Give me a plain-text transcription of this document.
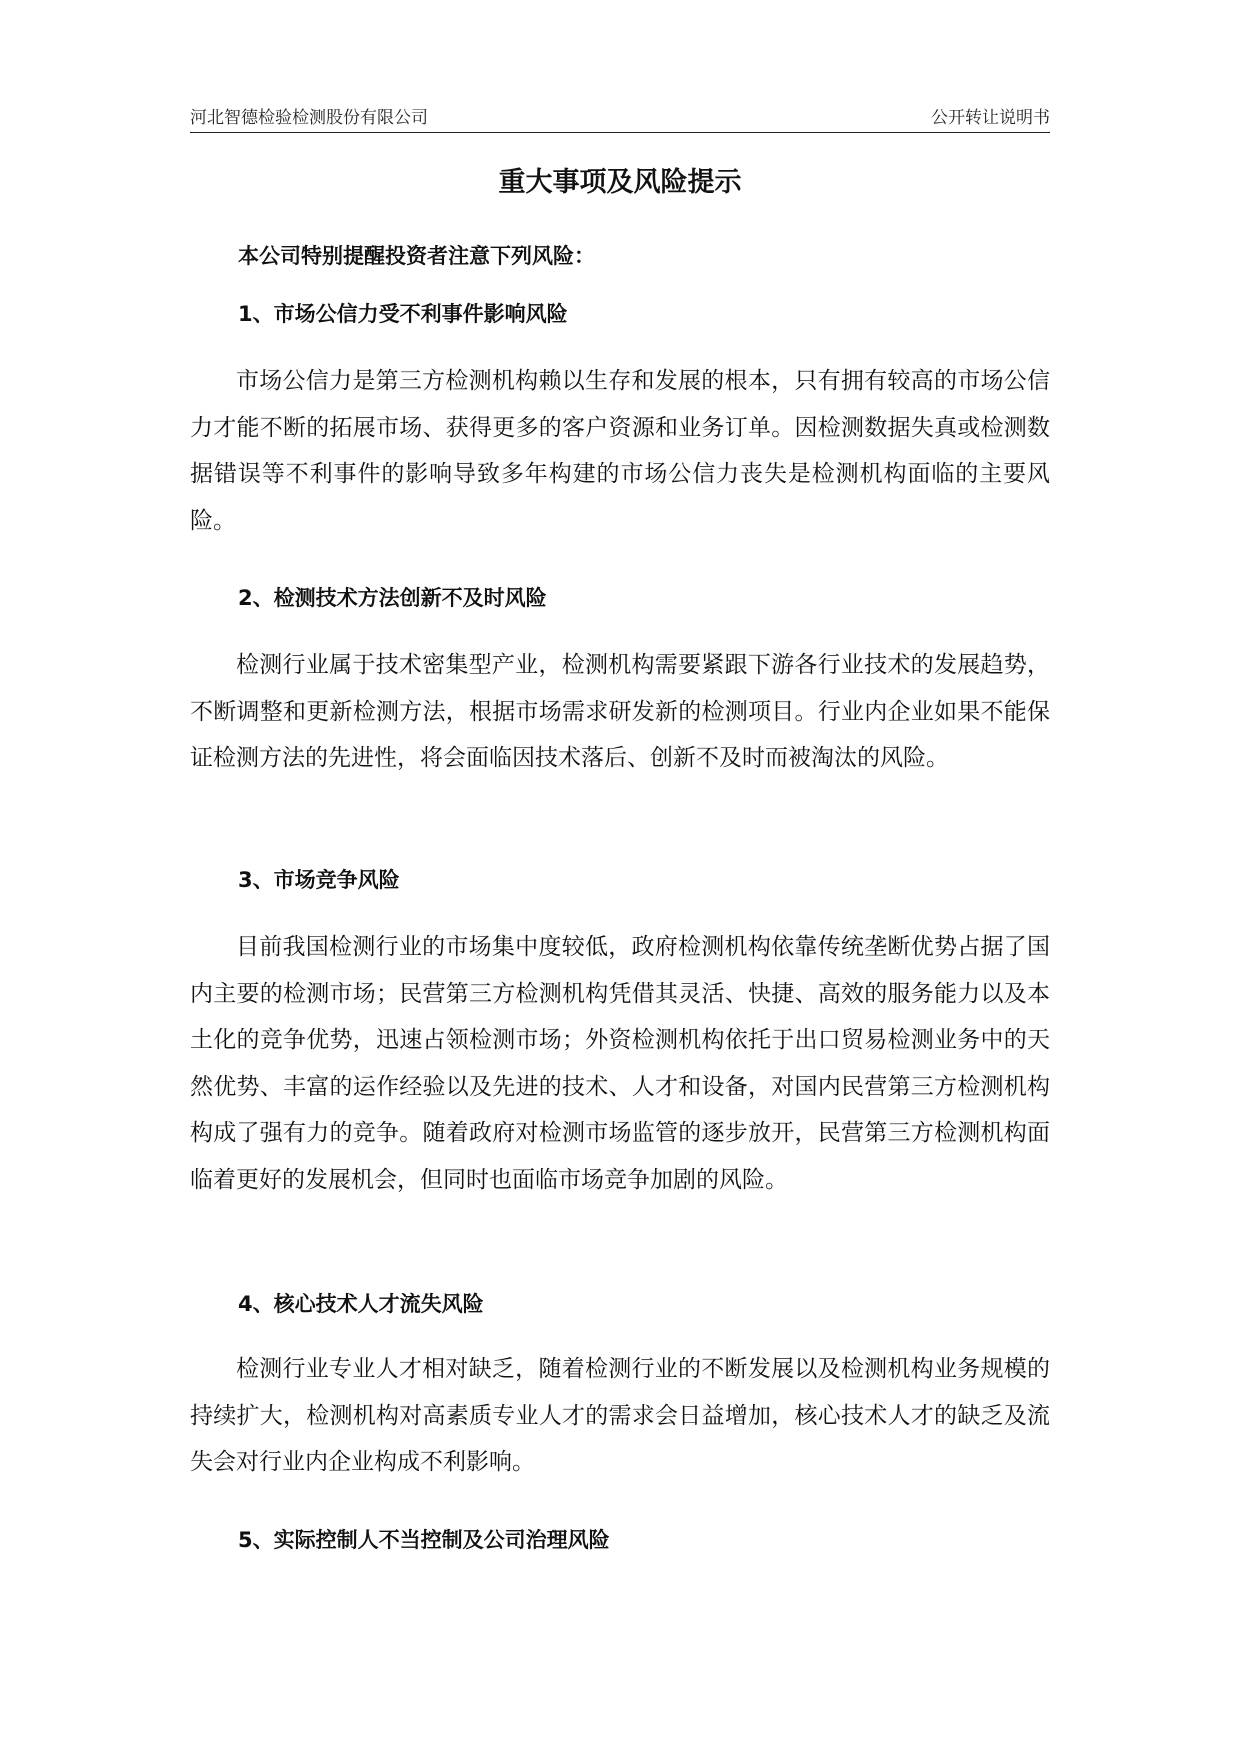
河北智德检验检测股份有限公司	公开转让说明书
重大事项及风险提示

本公司特别提醒投资者注意下列风险：

1、市场公信力受不利事件影响风险

市场公信力是第三方检测机构赖以生存和发展的根本，只有拥有较高的市场公信力才能不断的拓展市场、获得更多的客户资源和业务订单。因检测数据失真或检测数据错误等不利事件的影响导致多年构建的市场公信力丧失是检测机构面临的主要风险。

2、检测技术方法创新不及时风险

检测行业属于技术密集型产业，检测机构需要紧跟下游各行业技术的发展趋势，不断调整和更新检测方法，根据市场需求研发新的检测项目。行业内企业如果不能保证检测方法的先进性，将会面临因技术落后、创新不及时而被淘汰的风险。

3、市场竞争风险

目前我国检测行业的市场集中度较低，政府检测机构依靠传统垄断优势占据了国内主要的检测市场；民营第三方检测机构凭借其灵活、快捷、高效的服务能力以及本土化的竞争优势，迅速占领检测市场；外资检测机构依托于出口贸易检测业务中的天然优势、丰富的运作经验以及先进的技术、人才和设备，对国内民营第三方检测机构构成了强有力的竞争。随着政府对检测市场监管的逐步放开，民营第三方检测机构面临着更好的发展机会，但同时也面临市场竞争加剧的风险。

4、核心技术人才流失风险

检测行业专业人才相对缺乏，随着检测行业的不断发展以及检测机构业务规模的持续扩大，检测机构对高素质专业人才的需求会日益增加，核心技术人才的缺乏及流失会对行业内企业构成不利影响。

5、实际控制人不当控制及公司治理风险
